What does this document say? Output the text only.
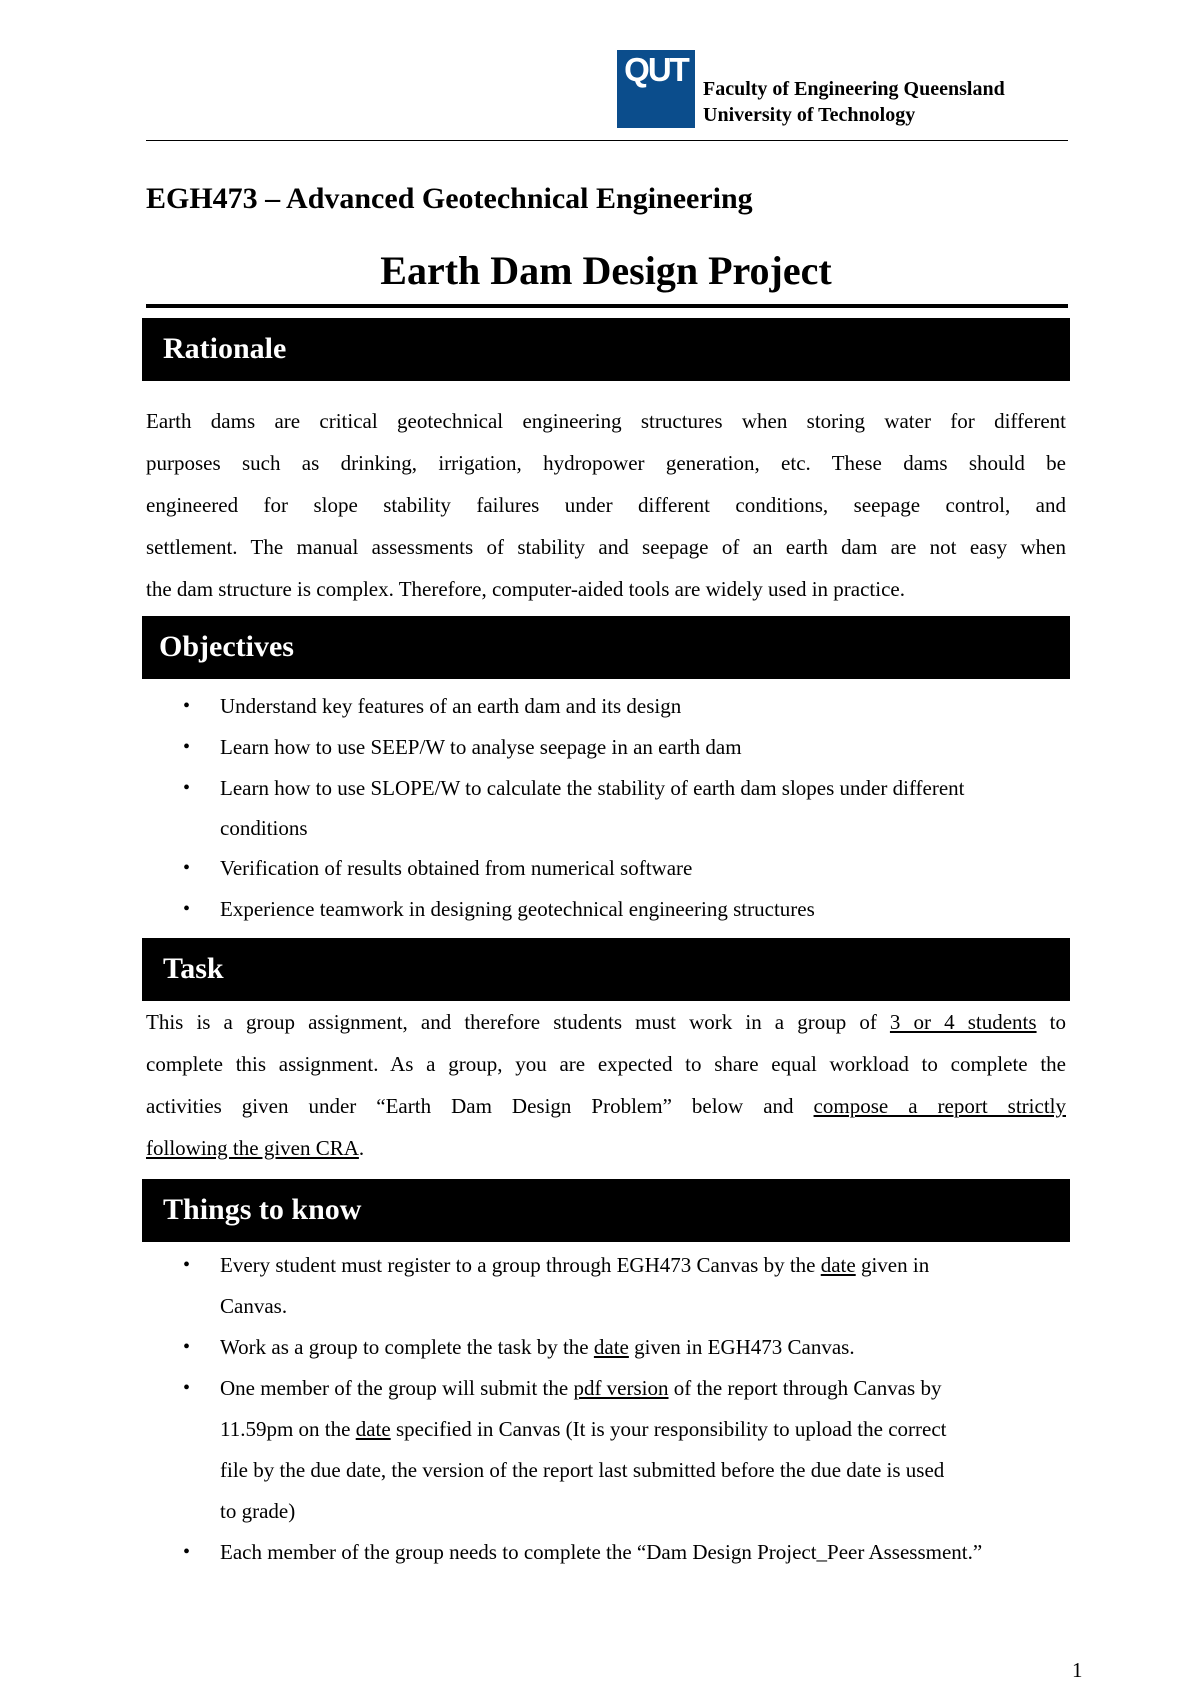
QUT
Faculty of Engineering Queensland
University of Technology
EGH473 – Advanced Geotechnical Engineering
Earth Dam Design Project
Rationale
Earth dams are critical geotechnical engineering structures when storing water for different
purposes such as drinking, irrigation, hydropower generation, etc. These dams should be
engineered for slope stability failures under different conditions, seepage control, and
settlement. The manual assessments of stability and seepage of an earth dam are not easy when
the dam structure is complex. Therefore, computer-aided tools are widely used in practice.
Objectives
• Understand key features of an earth dam and its design
• Learn how to use SEEP/W to analyse seepage in an earth dam
• Learn how to use SLOPE/W to calculate the stability of earth dam slopes under different
conditions
• Verification of results obtained from numerical software
• Experience teamwork in designing geotechnical engineering structures
Task
This is a group assignment, and therefore students must work in a group of 3 or 4 students to
complete this assignment. As a group, you are expected to share equal workload to complete the
activities given under “Earth Dam Design Problem” below and compose a report strictly
following the given CRA.
Things to know
• Every student must register to a group through EGH473 Canvas by the date given in
Canvas.
• Work as a group to complete the task by the date given in EGH473 Canvas.
• One member of the group will submit the pdf version of the report through Canvas by
11.59pm on the date specified in Canvas (It is your responsibility to upload the correct
file by the due date, the version of the report last submitted before the due date is used
to grade)
• Each member of the group needs to complete the “Dam Design Project_Peer Assessment.”
1
